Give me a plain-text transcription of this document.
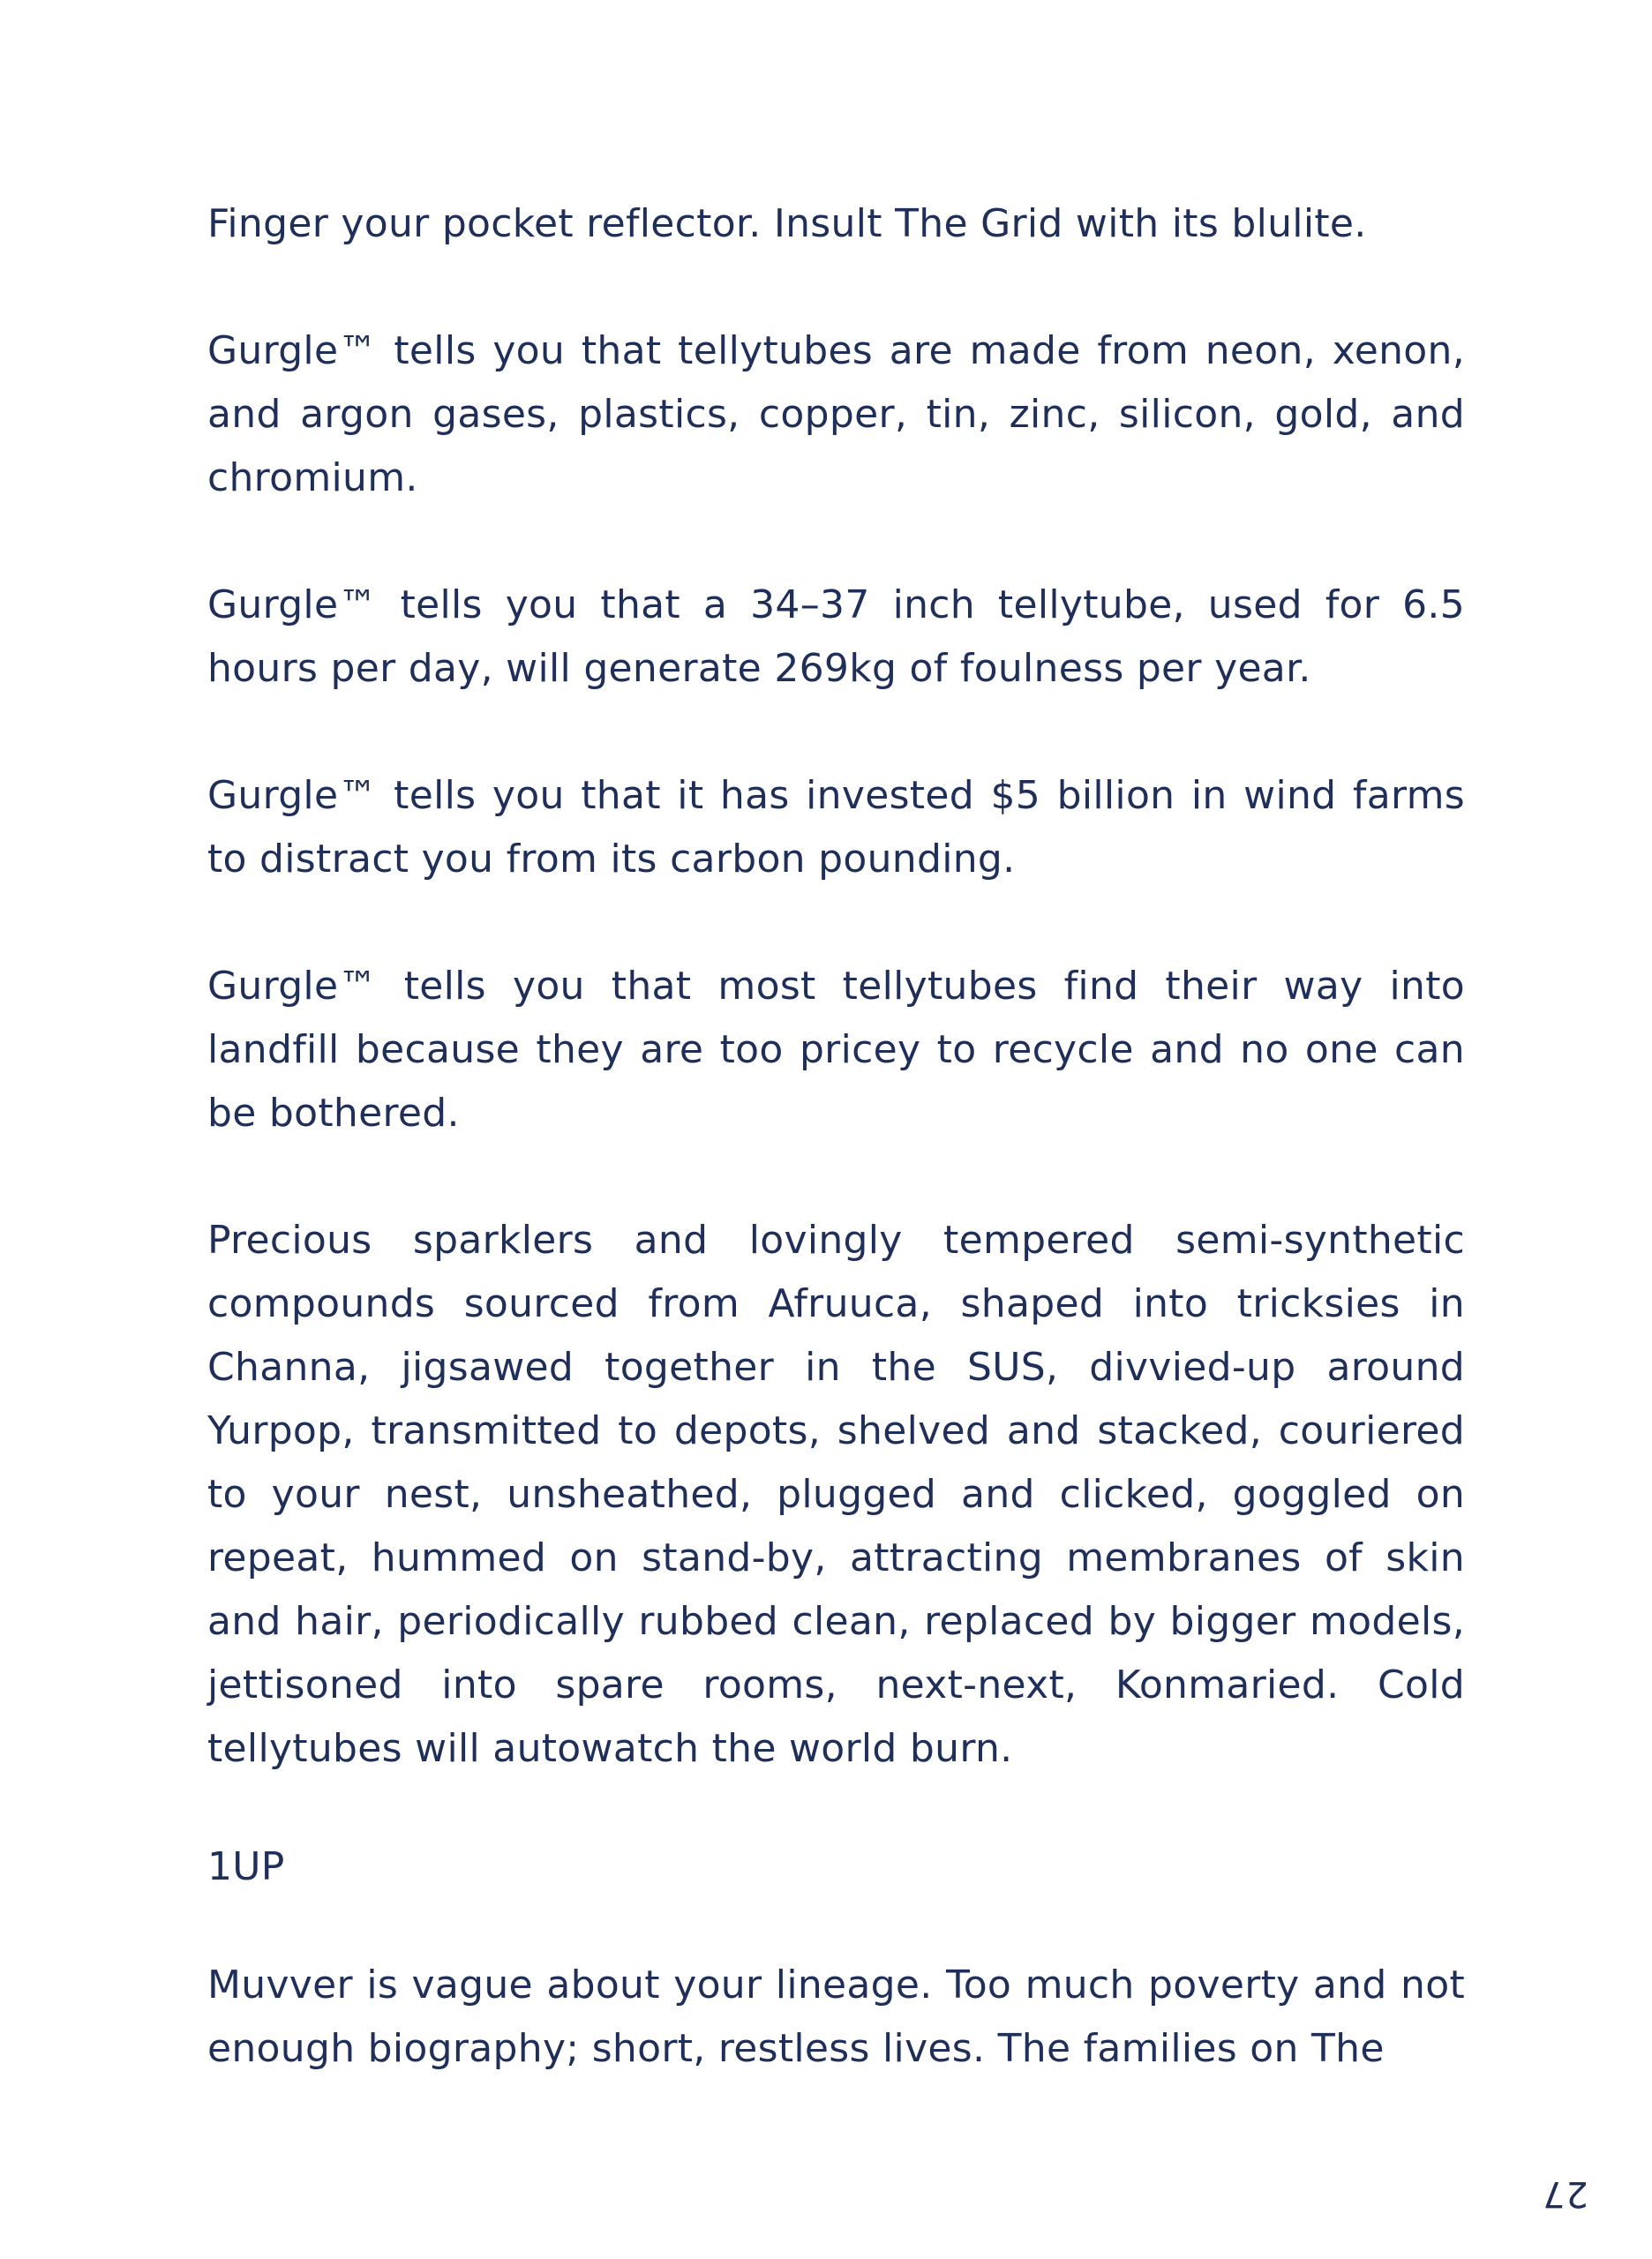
Finger your pocket reflector. Insult The Grid with its blulite.

Gurgle™ tells you that tellytubes are made from neon, xenon, and argon gases, plastics, copper, tin, zinc, silicon, gold, and chromium.

Gurgle™ tells you that a 34–37 inch tellytube, used for 6.5 hours per day, will generate 269kg of foulness per year.

Gurgle™ tells you that it has invested $5 billion in wind farms to distract you from its carbon pounding.

Gurgle™ tells you that most tellytubes find their way into landfill because they are too pricey to recycle and no one can be bothered.

Precious sparklers and lovingly tempered semi-synthetic compounds sourced from Afruuca, shaped into tricksies in Channa, jigsawed together in the SUS, divvied-up around Yurpop, transmitted to depots, shelved and stacked, couriered to your nest, unsheathed, plugged and clicked, goggled on repeat, hummed on stand-by, attracting membranes of skin and hair, periodically rubbed clean, replaced by bigger models, jettisoned into spare rooms, next-next, Konmaried. Cold tellytubes will autowatch the world burn.

1UP

Muvver is vague about your lineage. Too much poverty and not enough biography; short, restless lives. The families on The

27
